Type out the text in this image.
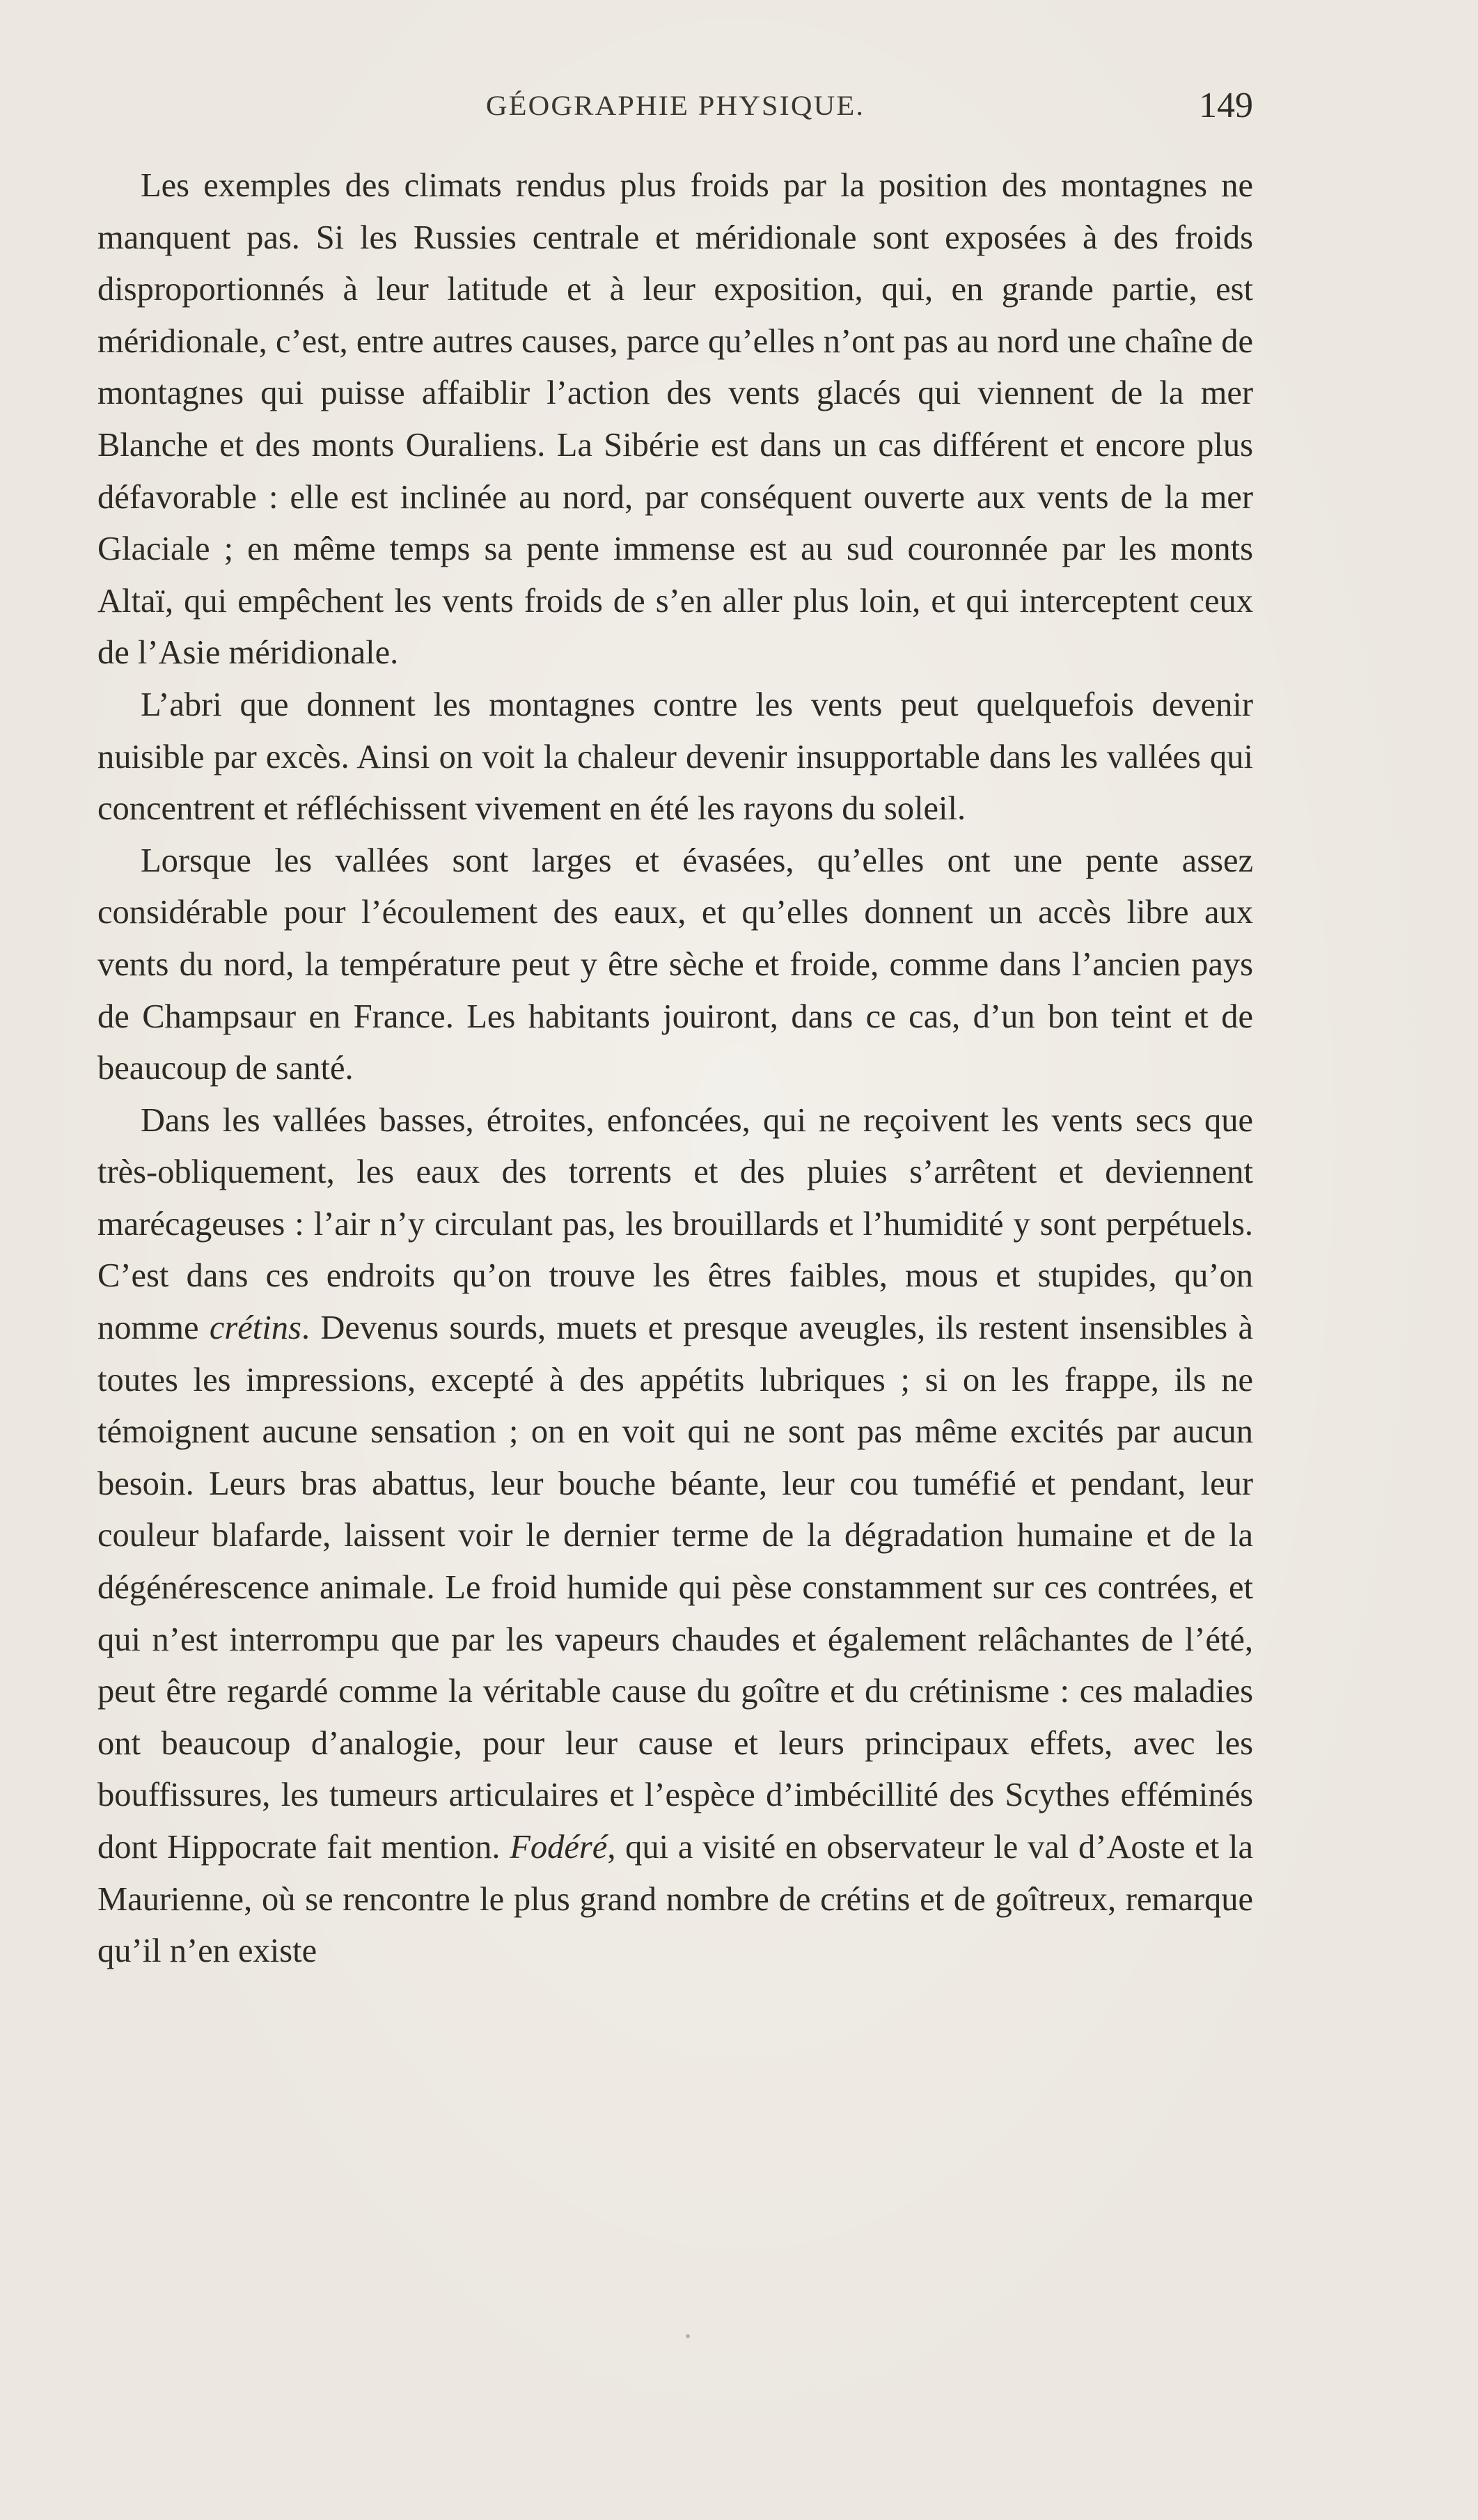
GÉOGRAPHIE PHYSIQUE.	149

Les exemples des climats rendus plus froids par la position des montagnes ne manquent pas. Si les Russies centrale et méridionale sont exposées à des froids disproportionnés à leur latitude et à leur exposition, qui, en grande partie, est méridionale, c’est, entre autres causes, parce qu’elles n’ont pas au nord une chaîne de montagnes qui puisse affaiblir l’action des vents glacés qui viennent de la mer Blanche et des monts Ouraliens. La Sibérie est dans un cas différent et encore plus défavorable : elle est inclinée au nord, par conséquent ouverte aux vents de la mer Glaciale ; en même temps sa pente immense est au sud couronnée par les monts Altaï, qui empêchent les vents froids de s’en aller plus loin, et qui interceptent ceux de l’Asie méridionale.

L’abri que donnent les montagnes contre les vents peut quelquefois devenir nuisible par excès. Ainsi on voit la chaleur devenir insupportable dans les vallées qui concentrent et réfléchissent vivement en été les rayons du soleil.

Lorsque les vallées sont larges et évasées, qu’elles ont une pente assez considérable pour l’écoulement des eaux, et qu’elles donnent un accès libre aux vents du nord, la température peut y être sèche et froide, comme dans l’ancien pays de Champsaur en France. Les habitants jouiront, dans ce cas, d’un bon teint et de beaucoup de santé.

Dans les vallées basses, étroites, enfoncées, qui ne reçoivent les vents secs que très-obliquement, les eaux des torrents et des pluies s’arrêtent et deviennent marécageuses : l’air n’y circulant pas, les brouillards et l’humidité y sont perpétuels. C’est dans ces endroits qu’on trouve les êtres faibles, mous et stupides, qu’on nomme crétins. Devenus sourds, muets et presque aveugles, ils restent insensibles à toutes les impressions, excepté à des appétits lubriques ; si on les frappe, ils ne témoignent aucune sensation ; on en voit qui ne sont pas même excités par aucun besoin. Leurs bras abattus, leur bouche béante, leur cou tuméfié et pendant, leur couleur blafarde, laissent voir le dernier terme de la dégradation humaine et de la dégénérescence animale. Le froid humide qui pèse constamment sur ces contrées, et qui n’est interrompu que par les vapeurs chaudes et également relâchantes de l’été, peut être regardé comme la véritable cause du goître et du crétinisme : ces maladies ont beaucoup d’analogie, pour leur cause et leurs principaux effets, avec les bouffissures, les tumeurs articulaires et l’espèce d’imbécillité des Scythes efféminés dont Hippocrate fait mention. Fodéré, qui a visité en observateur le val d’Aoste et la Maurienne, où se rencontre le plus grand nombre de crétins et de goîtreux, remarque qu’il n’en existe
